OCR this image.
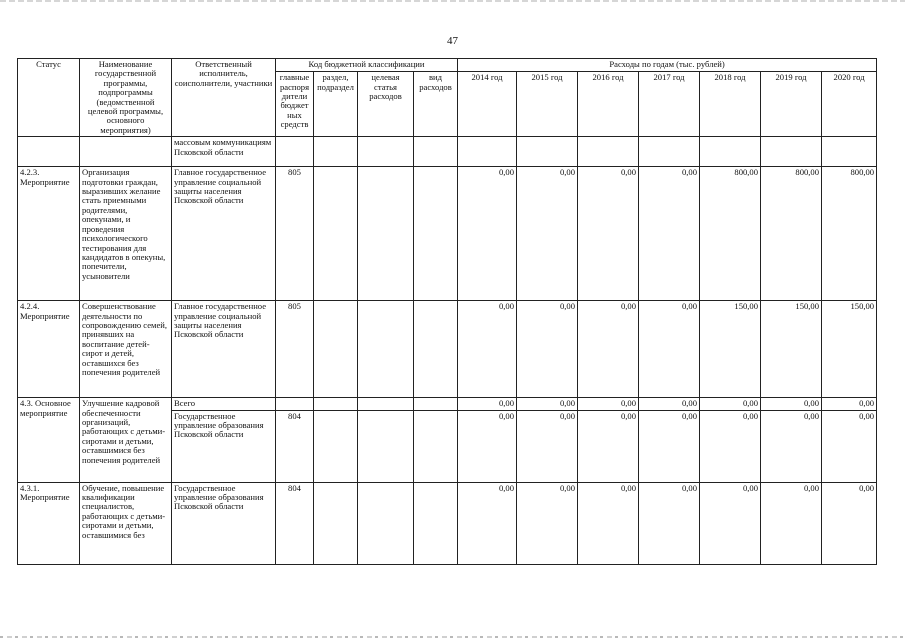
47
Статус	Наименование государственной программы, подпрограммы (ведомственной целевой программы, основного мероприятия)	Ответственный исполнитель, соисполнители, участники	Код бюджетной классификации				Расходы по годам (тыс. рублей)						
			главные распоря дители бюджет ных средств	раздел, подраздел	целевая статья расходов	вид расходов	2014 год	2015 год	2016 год	2017 год	2018 год	2019 год	2020 год
		массовым коммуникациям Псковской области											
4.2.3. Мероприятие	Организация подготовки граждан, выразивших желание стать приемными родителями, опекунами, и проведения психологического тестирования для кандидатов в опекуны, попечители, усыновители	Главное государственное управление социальной защиты населения Псковской области	805				0,00	0,00	0,00	0,00	800,00	800,00	800,00
4.2.4. Мероприятие	Совершенствование деятельности по сопровождению семей, принявших на воспитание детей-сирот и детей, оставшихся без попечения родителей	Главное государственное управление социальной защиты населения Псковской области	805				0,00	0,00	0,00	0,00	150,00	150,00	150,00
4.3. Основное мероприятие	Улучшение кадровой обеспеченности организаций, работающих с детьми-сиротами и детьми, оставшимися без попечения родителей	Всего					0,00	0,00	0,00	0,00	0,00	0,00	0,00
		Государственное управление образования Псковской области	804				0,00	0,00	0,00	0,00	0,00	0,00	0,00
4.3.1. Мероприятие	Обучение, повышение квалификации специалистов, работающих с детьми-сиротами и детьми, оставшимися без	Государственное управление образования Псковской области	804				0,00	0,00	0,00	0,00	0,00	0,00	0,00
